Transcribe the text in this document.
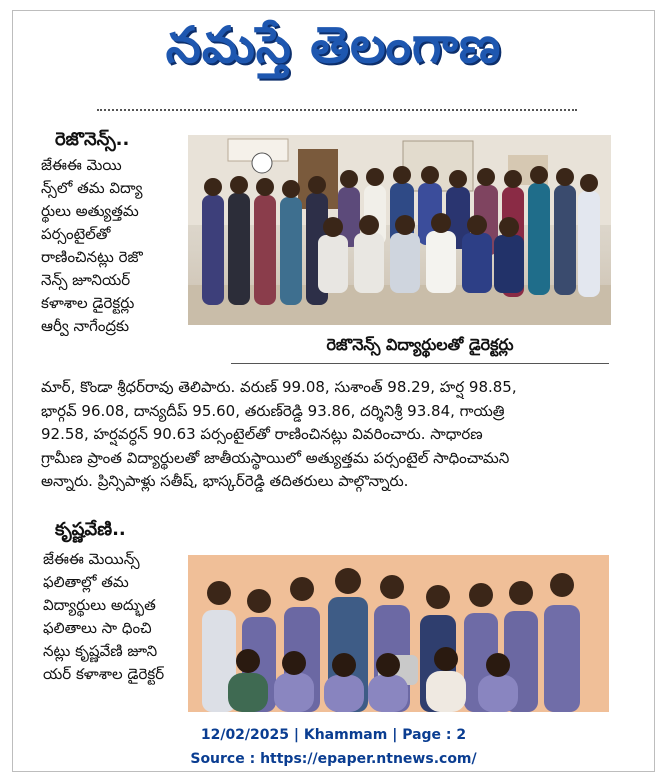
నమస్తే తెలంగాణ
రెజొనెన్స్..
జేఈఈ మెయి
న్స్‌లో తమ విద్యా
ర్థులు అత్యుత్తమ
పర్సంటైల్‌తో
రాణించినట్లు రెజొ
నెన్స్ జూనియర్
కళాశాల డైరెక్టర్లు
ఆర్వీ నాగేంద్రకు
రెజొనెన్స్ విద్యార్థులతో డైరెక్టర్లు
మార్, కొండా శ్రీధర్‌రావు తెలిపారు. వరుణ్ 99.08, సుశాంత్ 98.29, హర్ష 98.85,
భార్గవ్ 96.08, దాన్యదీప్ 95.60, తరుణ్‌రెడ్డి 93.86, దర్శినిశ్రీ 93.84, గాయత్రి
92.58, హర్షవర్ధన్ 90.63 పర్సంటైల్‌తో రాణించినట్లు వివరించారు. సాధారణ
గ్రామీణ ప్రాంత విద్యార్థులతో జాతీయస్థాయిలో అత్యుత్తమ పర్సంటైల్ సాధించామని
అన్నారు. ప్రిన్సిపాళ్లు సతీష్, భాస్కర్‌రెడ్డి తదితరులు పాల్గొన్నారు.
కృష్ణవేణి..
జేఈఈ మెయిన్స్
ఫలితాల్లో తమ
విద్యార్థులు అద్భుత
ఫలితాలు సా ధించి
నట్లు కృష్ణవేణి జూని
యర్ కళాశాల డైరెక్టర్
12/02/2025 | Khammam | Page : 2
Source : https://epaper.ntnews.com/
